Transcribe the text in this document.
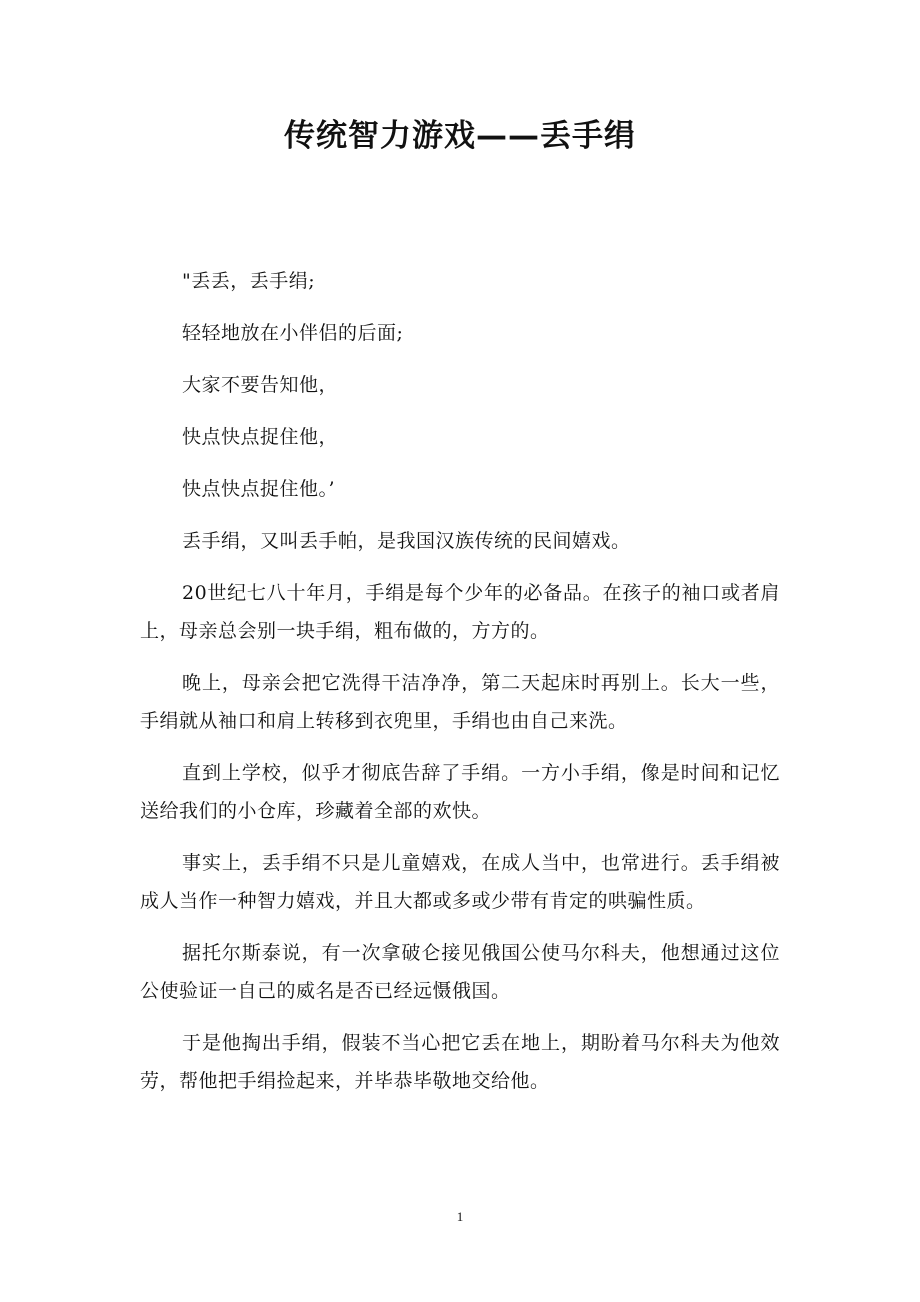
传统智力游戏——丢手绢

"丢丢，丢手绢;

轻轻地放在小伴侣的后面;

大家不要告知他，

快点快点捉住他，

快点快点捉住他。’

丢手绢，又叫丢手帕，是我国汉族传统的民间嬉戏。

20世纪七八十年月，手绢是每个少年的必备品。在孩子的袖口或者肩上，母亲总会别一块手绢，粗布做的，方方的。

晚上，母亲会把它洗得干洁净净，第二天起床时再别上。长大一些，手绢就从袖口和肩上转移到衣兜里，手绢也由自己来洗。

直到上学校，似乎才彻底告辞了手绢。一方小手绢，像是时间和记忆送给我们的小仓库，珍藏着全部的欢快。

事实上，丢手绢不只是儿童嬉戏，在成人当中，也常进行。丢手绢被成人当作一种智力嬉戏，并且大都或多或少带有肯定的哄骗性质。

据托尔斯泰说，有一次拿破仑接见俄国公使马尔科夫，他想通过这位公使验证一自己的威名是否已经远慑俄国。

于是他掏出手绢，假装不当心把它丢在地上，期盼着马尔科夫为他效劳，帮他把手绢捡起来，并毕恭毕敬地交给他。

1
